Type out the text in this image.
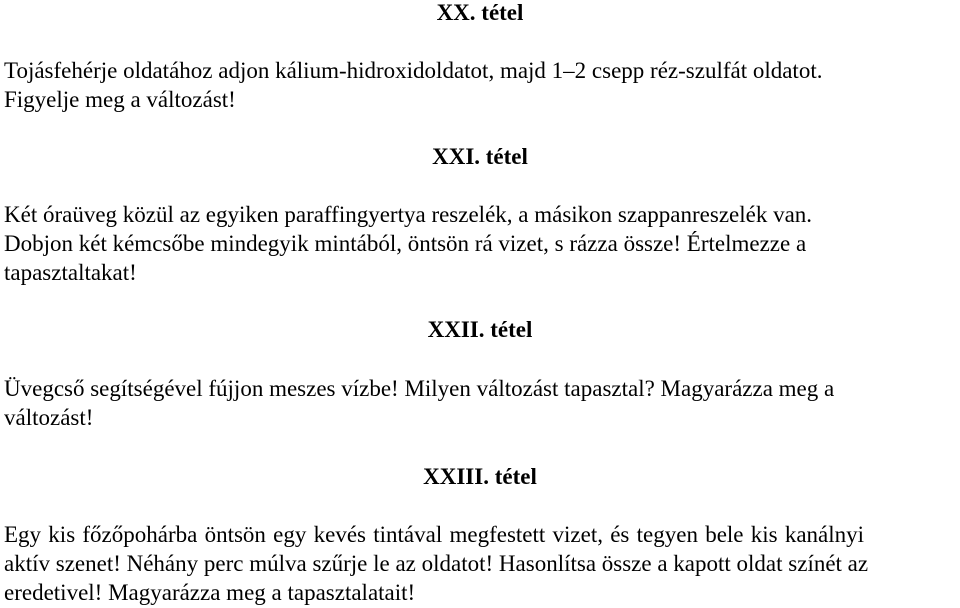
XX. tétel

Tojásfehérje oldatához adjon kálium-hidroxidoldatot, majd 1–2 csepp réz-szulfát oldatot.
Figyelje meg a változást!

XXI. tétel

Két óraüveg közül az egyiken paraffingyertya reszelék, a másikon szappanreszelék van.
Dobjon két kémcsőbe mindegyik mintából, öntsön rá vizet, s rázza össze! Értelmezze a
tapasztaltakat!

XXII. tétel

Üvegcső segítségével fújjon meszes vízbe! Milyen változást tapasztal? Magyarázza meg a
változást!

XXIII. tétel

Egy kis főzőpohárba öntsön egy kevés tintával megfestett vizet, és tegyen bele kis kanálnyi
aktív szenet! Néhány perc múlva szűrje le az oldatot! Hasonlítsa össze a kapott oldat színét az
eredetivel! Magyarázza meg a tapasztalatait!
